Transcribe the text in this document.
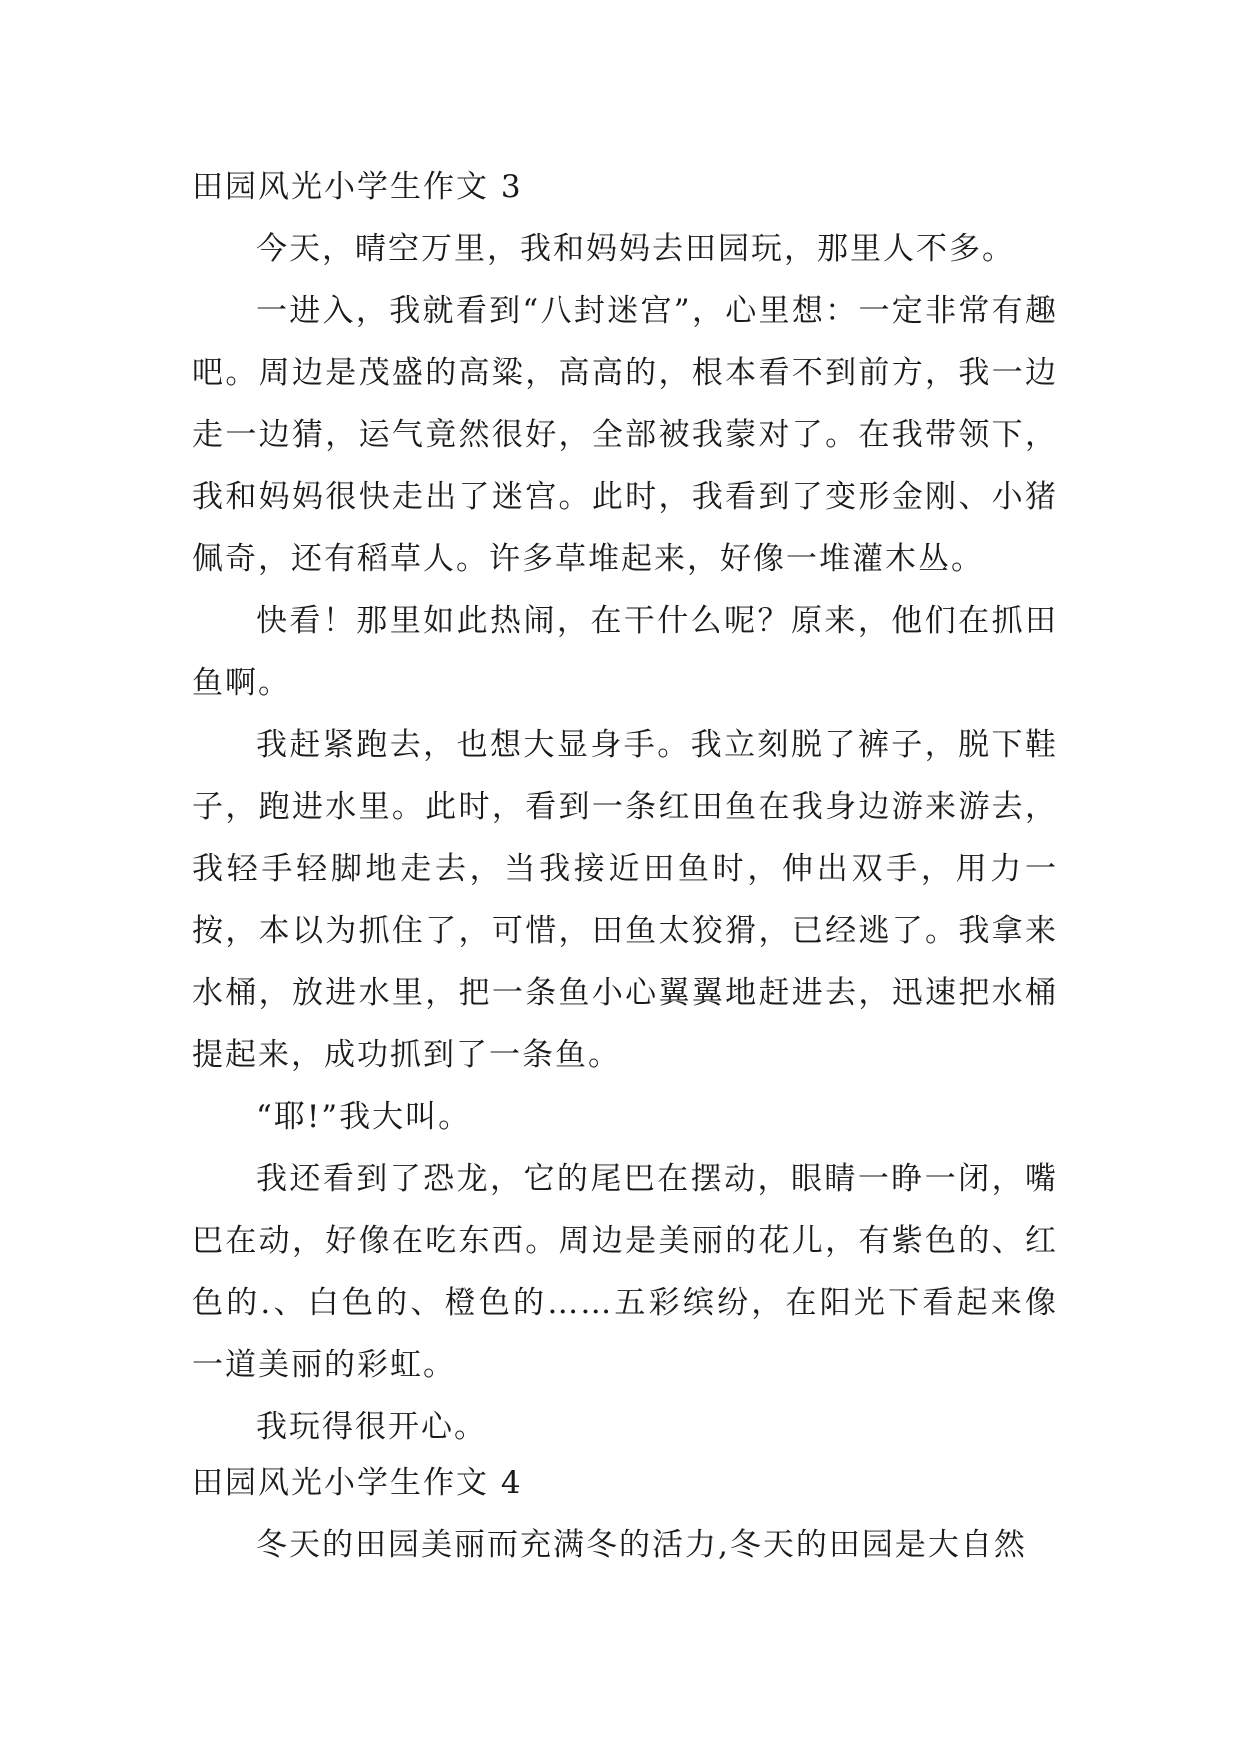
田园风光小学生作文 3

今天，晴空万里，我和妈妈去田园玩，那里人不多。

一进入，我就看到“八封迷宫”，心里想：一定非常有趣吧。周边是茂盛的高粱，高高的，根本看不到前方，我一边走一边猜，运气竟然很好，全部被我蒙对了。在我带领下，我和妈妈很快走出了迷宫。此时，我看到了变形金刚、小猪佩奇，还有稻草人。许多草堆起来，好像一堆灌木丛。

快看！那里如此热闹，在干什么呢？原来，他们在抓田鱼啊。

我赶紧跑去，也想大显身手。我立刻脱了裤子，脱下鞋子，跑进水里。此时，看到一条红田鱼在我身边游来游去，我轻手轻脚地走去，当我接近田鱼时，伸出双手，用力一按，本以为抓住了，可惜，田鱼太狡猾，已经逃了。我拿来水桶，放进水里，把一条鱼小心翼翼地赶进去，迅速把水桶提起来，成功抓到了一条鱼。

“耶!”我大叫。

我还看到了恐龙，它的尾巴在摆动，眼睛一睁一闭，嘴巴在动，好像在吃东西。周边是美丽的花儿，有紫色的、红色的.、白色的、橙色的……五彩缤纷，在阳光下看起来像一道美丽的彩虹。

我玩得很开心。

田园风光小学生作文 4

冬天的田园美丽而充满冬的活力,冬天的田园是大自然
